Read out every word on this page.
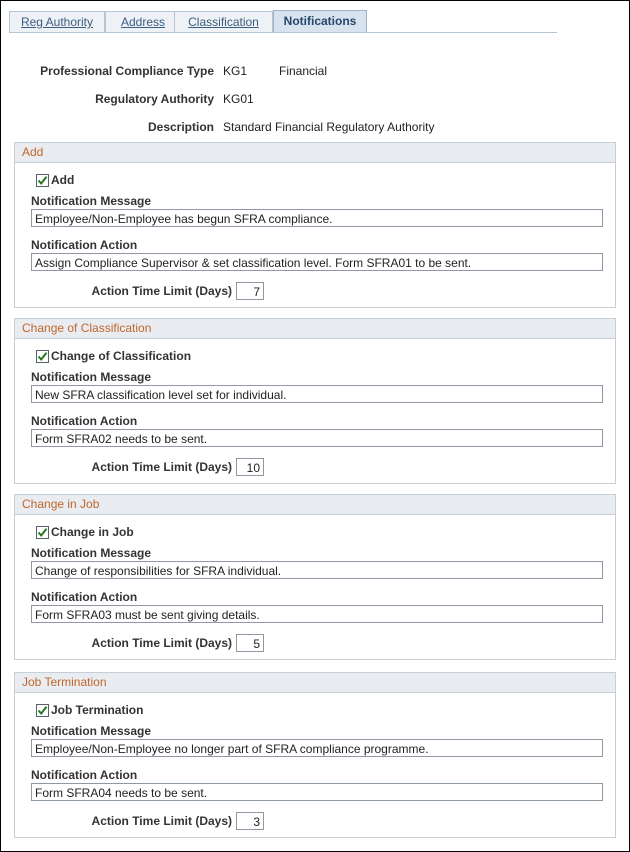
Reg Authority	Address	Classification	Notifications
Professional Compliance Type KG1	Financial
Regulatory Authority KG01
Description Standard Financial Regulatory Authority
Add
Add
Notification Message
Employee/Non-Employee has begun SFRA compliance.
Notification Action
Assign Compliance Supervisor & set classification level. Form SFRA01 to be sent.
Action Time Limit (Days)	7
Change of Classification
Change of Classification
Notification Message
New SFRA classification level set for individual.
Notification Action
Form SFRA02 needs to be sent.
Action Time Limit (Days)	10
Change in Job
Change in Job
Notification Message
Change of responsibilities for SFRA individual.
Notification Action
Form SFRA03 must be sent giving details.
Action Time Limit (Days)	5
Job Termination
Job Termination
Notification Message
Employee/Non-Employee no longer part of SFRA compliance programme.
Notification Action
Form SFRA04 needs to be sent.
Action Time Limit (Days)	3
